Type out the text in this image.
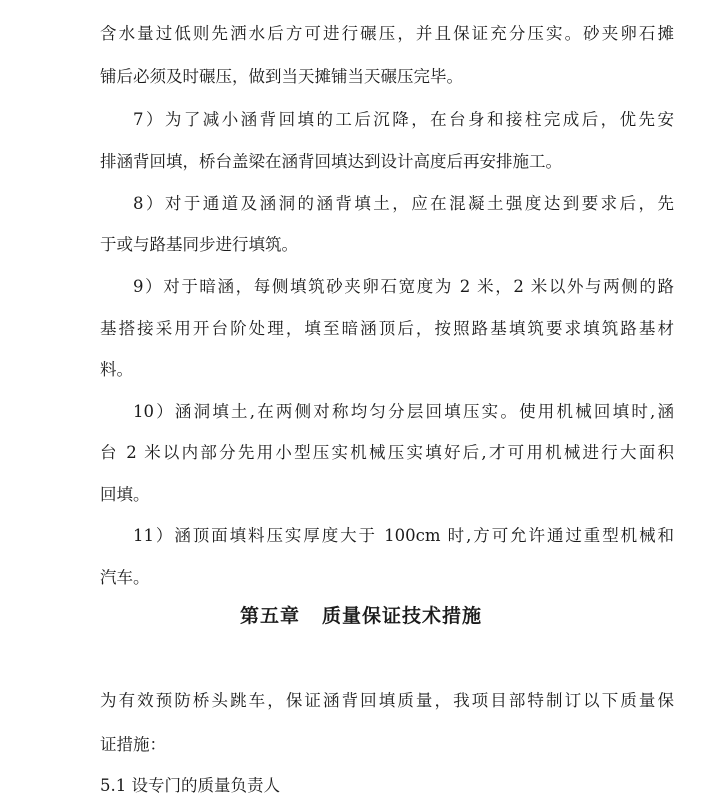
含水量过低则先洒水后方可进行碾压，并且保证充分压实。砂夹卵石摊
铺后必须及时碾压，做到当天摊铺当天碾压完毕。
7）为了减小涵背回填的工后沉降，在台身和接柱完成后，优先安
排涵背回填，桥台盖梁在涵背回填达到设计高度后再安排施工。
8）对于通道及涵洞的涵背填土，应在混凝土强度达到要求后，先
于或与路基同步进行填筑。
9）对于暗涵，每侧填筑砂夹卵石宽度为 2 米，2 米以外与两侧的路
基搭接采用开台阶处理，填至暗涵顶后，按照路基填筑要求填筑路基材
料。
10）涵洞填土,在两侧对称均匀分层回填压实。使用机械回填时,涵
台 2 米以内部分先用小型压实机械压实填好后,才可用机械进行大面积
回填。
11）涵顶面填料压实厚度大于 100cm 时,方可允许通过重型机械和
汽车。
第五章 质量保证技术措施
为有效预防桥头跳车，保证涵背回填质量，我项目部特制订以下质量保
证措施：
5.1 设专门的质量负责人
